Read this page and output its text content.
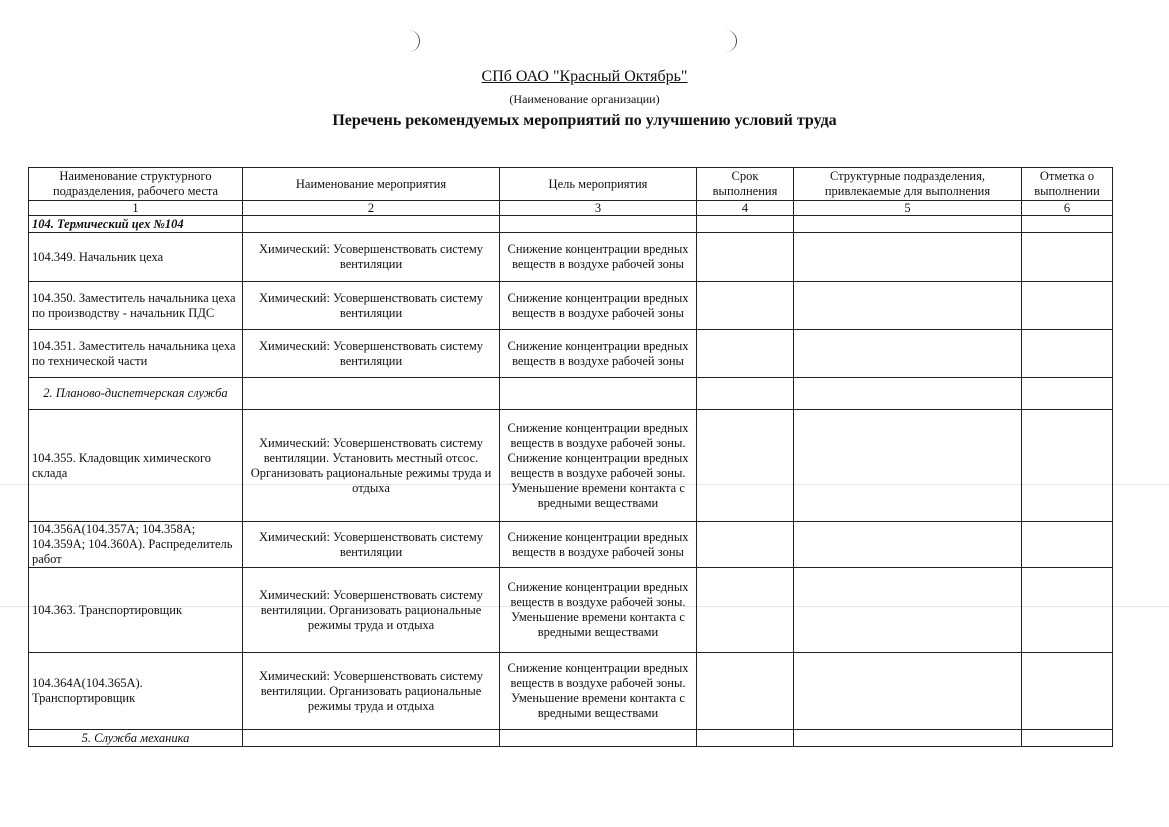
СПб ОАО "Красный Октябрь"
(Наименование организации)
Перечень рекомендуемых мероприятий по улучшению условий труда
Наименование структурного подразделения, рабочего места	Наименование мероприятия	Цель мероприятия	Срок выполнения	Структурные подразделения, привлекаемые для выполнения	Отметка о выполнении
1	2	3	4	5	6
104. Термический цех №104					
104.349. Начальник цеха	Химический: Усовершенствовать систему вентиляции	Снижение концентрации вредных веществ в воздухе рабочей зоны			
104.350. Заместитель начальника цеха по производству - начальник ПДС	Химический: Усовершенствовать систему вентиляции	Снижение концентрации вредных веществ в воздухе рабочей зоны			
104.351. Заместитель начальника цеха по технической части	Химический: Усовершенствовать систему вентиляции	Снижение концентрации вредных веществ в воздухе рабочей зоны			
2. Планово-диспетчерская служба					
104.355. Кладовщик химического склада	Химический: Усовершенствовать систему вентиляции. Установить местный отсос. Организовать рациональные режимы труда и отдыха	Снижение концентрации вредных веществ в воздухе рабочей зоны. Снижение концентрации вредных веществ в воздухе рабочей зоны. Уменьшение времени контакта с вредными веществами			
104.356А(104.357А; 104.358А; 104.359А; 104.360А). Распределитель работ	Химический: Усовершенствовать систему вентиляции	Снижение концентрации вредных веществ в воздухе рабочей зоны			
104.363. Транспортировщик	Химический: Усовершенствовать систему вентиляции. Организовать рациональные режимы труда и отдыха	Снижение концентрации вредных веществ в воздухе рабочей зоны. Уменьшение времени контакта с вредными веществами			
104.364А(104.365А). Транспортировщик	Химический: Усовершенствовать систему вентиляции. Организовать рациональные режимы труда и отдыха	Снижение концентрации вредных веществ в воздухе рабочей зоны. Уменьшение времени контакта с вредными веществами			
5. Служба механика					
